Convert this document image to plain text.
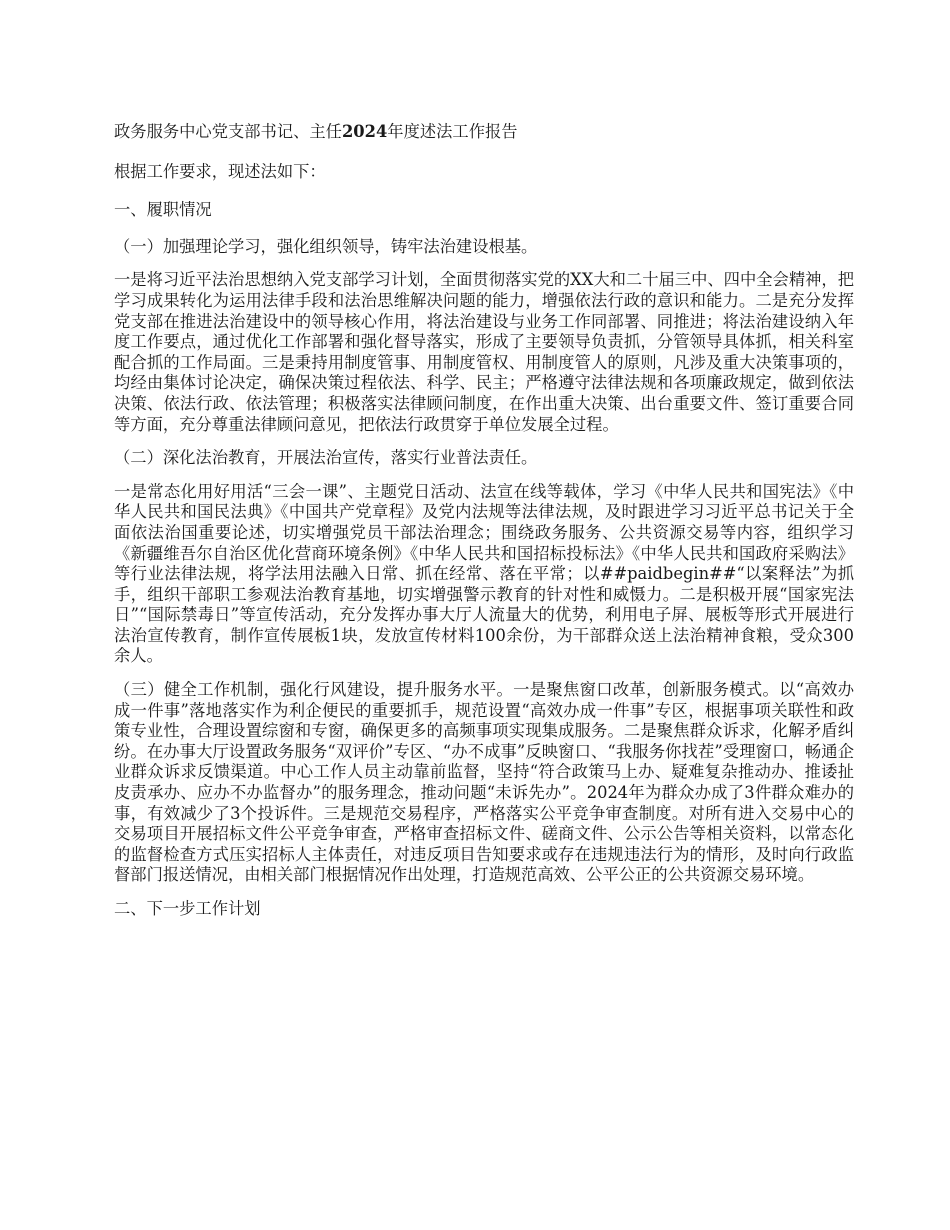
政务服务中心党支部书记、主任2024年度述法工作报告

根据工作要求，现述法如下：

一、履职情况

（一）加强理论学习，强化组织领导，铸牢法治建设根基。

一是将习近平法治思想纳入党支部学习计划，全面贯彻落实党的XX大和二十届三中、四中全会精神，把学习成果转化为运用法律手段和法治思维解决问题的能力，增强依法行政的意识和能力。二是充分发挥党支部在推进法治建设中的领导核心作用，将法治建设与业务工作同部署、同推进；将法治建设纳入年度工作要点，通过优化工作部署和强化督导落实，形成了主要领导负责抓，分管领导具体抓，相关科室配合抓的工作局面。三是秉持用制度管事、用制度管权、用制度管人的原则，凡涉及重大决策事项的，均经由集体讨论决定，确保决策过程依法、科学、民主；严格遵守法律法规和各项廉政规定，做到依法决策、依法行政、依法管理；积极落实法律顾问制度，在作出重大决策、出台重要文件、签订重要合同等方面，充分尊重法律顾问意见，把依法行政贯穿于单位发展全过程。

（二）深化法治教育，开展法治宣传，落实行业普法责任。

一是常态化用好用活“三会一课”、主题党日活动、法宣在线等载体，学习《中华人民共和国宪法》《中华人民共和国民法典》《中国共产党章程》及党内法规等法律法规，及时跟进学习习近平总书记关于全面依法治国重要论述，切实增强党员干部法治理念；围绕政务服务、公共资源交易等内容，组织学习《新疆维吾尔自治区优化营商环境条例》《中华人民共和国招标投标法》《中华人民共和国政府采购法》等行业法律法规，将学法用法融入日常、抓在经常、落在平常；以##paidbegin##“以案释法”为抓手，组织干部职工参观法治教育基地，切实增强警示教育的针对性和威慑力。二是积极开展“国家宪法日”“国际禁毒日”等宣传活动，充分发挥办事大厅人流量大的优势，利用电子屏、展板等形式开展进行法治宣传教育，制作宣传展板1块，发放宣传材料100余份，为干部群众送上法治精神食粮，受众300余人。

（三）健全工作机制，强化行风建设，提升服务水平。一是聚焦窗口改革，创新服务模式。以“高效办成一件事”落地落实作为利企便民的重要抓手，规范设置“高效办成一件事”专区，根据事项关联性和政策专业性，合理设置综窗和专窗，确保更多的高频事项实现集成服务。二是聚焦群众诉求，化解矛盾纠纷。在办事大厅设置政务服务“双评价”专区、“办不成事”反映窗口、“我服务你找茬”受理窗口，畅通企业群众诉求反馈渠道。中心工作人员主动靠前监督，坚持“符合政策马上办、疑难复杂推动办、推诿扯皮责承办、应办不办监督办”的服务理念，推动问题“未诉先办”。2024年为群众办成了3件群众难办的事，有效减少了3个投诉件。三是规范交易程序，严格落实公平竞争审查制度。对所有进入交易中心的交易项目开展招标文件公平竞争审查，严格审查招标文件、磋商文件、公示公告等相关资料，以常态化的监督检查方式压实招标人主体责任，对违反项目告知要求或存在违规违法行为的情形，及时向行政监督部门报送情况，由相关部门根据情况作出处理，打造规范高效、公平公正的公共资源交易环境。

二、下一步工作计划
